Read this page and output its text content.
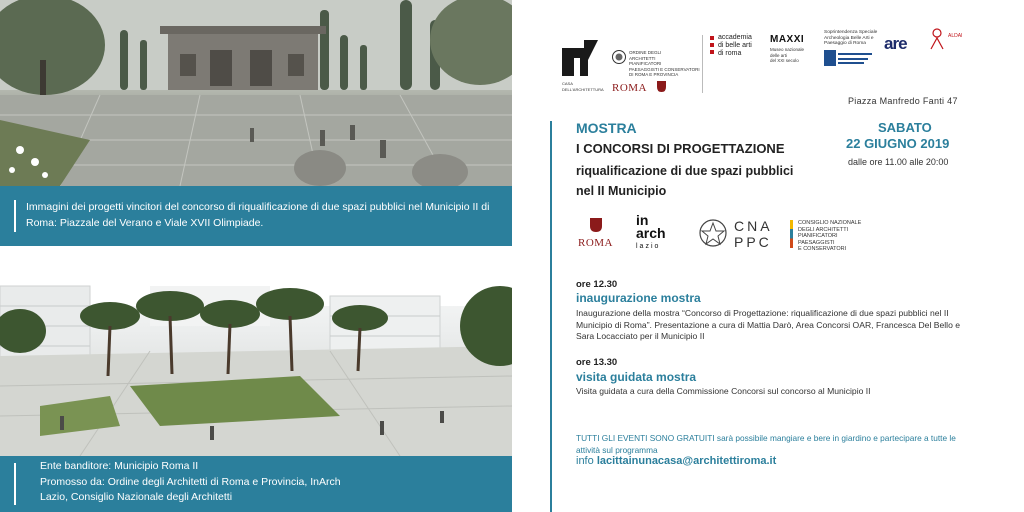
Immagini dei progetti vincitori del concorso di riqualificazione di due spazi pubblici nel Municipio II di Roma: Piazzale del Verano e Viale XVII Olimpiade.
Ente banditore: Municipio Roma II
Promosso da: Ordine degli Architetti di Roma e Provincia, InArch
Lazio, Consiglio Nazionale degli Architetti
CASA DELL'ARCHITETTURA
ORDINE DEGLI
ARCHITETTI
PIANIFICATORI
PAESAGGISTI E CONSERVATORI
DI ROMA E PROVINCIA
ROMA
accademia
di belle arti
di roma
MAXXI
Museo nazionale
delle arti
del XXI secolo
Soprintendenza Speciale
Archeologia Belle Arti e
Paesaggio di Roma	are	ALDAI
Piazza Manfredo Fanti 47
MOSTRA
I CONCORSI DI PROGETTAZIONE
riqualificazione di due spazi pubblici nel II Municipio
SABATO
22 GIUGNO 2019
dalle ore 11.00 alle 20:00
ROMA
in
arch
lazio
CNA
PPC
CONSIGLIO NAZIONALE
DEGLI ARCHITETTI
PIANIFICATORI
PAESAGGISTI
E CONSERVATORI
ore 12.30
inaugurazione mostra
Inaugurazione della mostra “Concorso di Progettazione: riqualificazione di due spazi pubblici nel II Municipio di Roma”. Presentazione a cura di Mattia Darò, Area Concorsi OAR, Francesca Del Bello e Sara Locacciato per il Municipio II
ore 13.30
visita guidata mostra
Visita guidata a cura della Commissione Concorsi sul concorso al Municipio II
TUTTI GLI EVENTI SONO GRATUITI sarà possibile mangiare e bere in giardino e partecipare a tutte le attività sul programma
info lacittainunacasa@architettiroma.it
